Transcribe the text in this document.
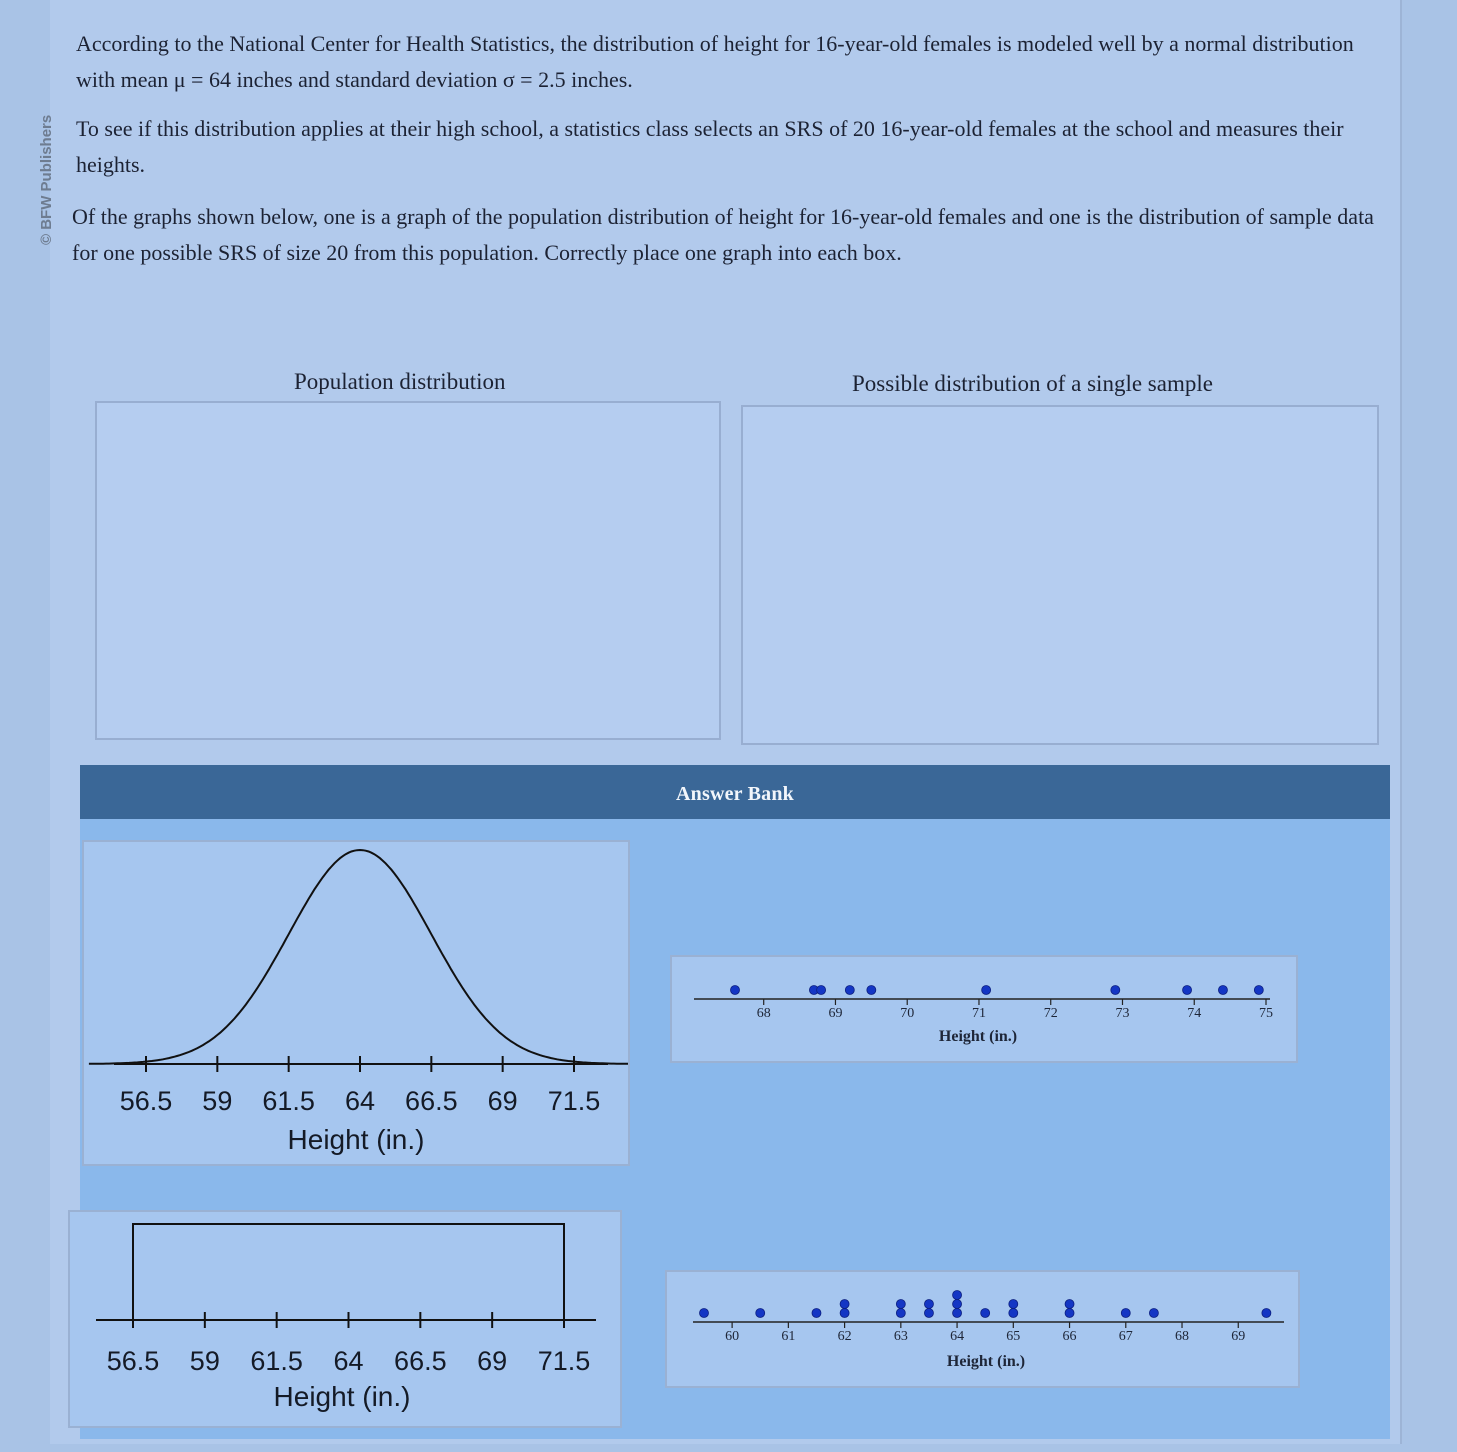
© BFW Publishers
According to the National Center for Health Statistics, the distribution of height for 16-year-old females is modeled well by a normal distribution with mean μ = 64 inches and standard deviation σ = 2.5 inches.
To see if this distribution applies at their high school, a statistics class selects an SRS of 20 16-year-old females at the school and measures their heights.
Of the graphs shown below, one is a graph of the population distribution of height for 16-year-old females and one is the distribution of sample data for one possible SRS of size 20 from this population. Correctly place one graph into each box.
Population distribution	Possible distribution of a single sample
Answer Bank
56.5 59 61.5 64 66.5 69 71.5
Height (in.)
56.5 59 61.5 64 66.5 69 71.5
Height (in.)
68	69	70	71	72	73	74	75
Height (in.)
60	61	62	63	64	65	66	67	68	69
Height (in.)
